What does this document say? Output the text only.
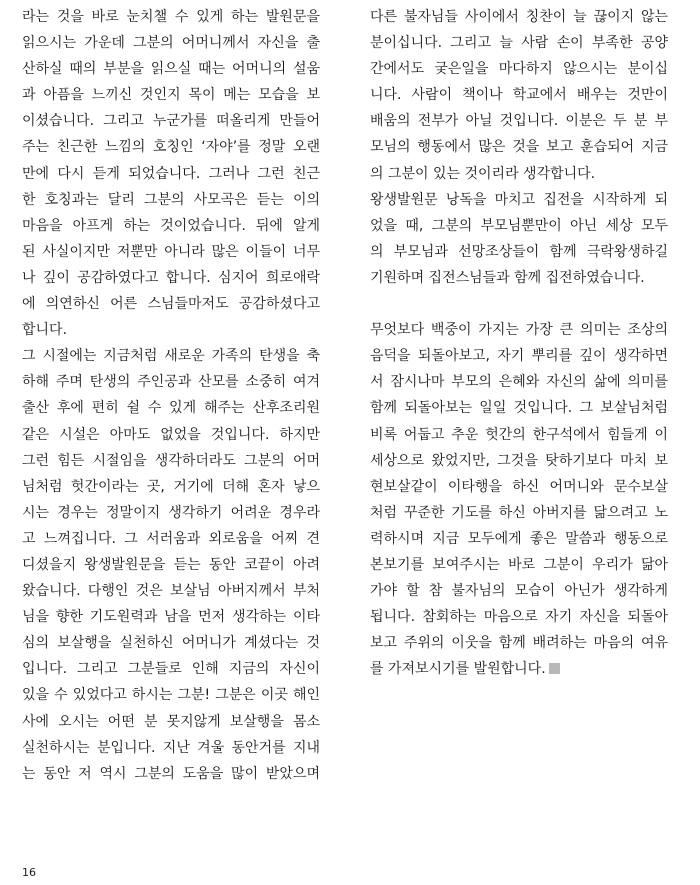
라는 것을 바로 눈치챌 수 있게 하는 발원문을
읽으시는 가운데 그분의 어머니께서 자신을 출
산하실 때의 부분을 읽으실 때는 어머니의 설움
과 아픔을 느끼신 것인지 목이 메는 모습을 보
이셨습니다. 그리고 누군가를 떠올리게 만들어
주는 친근한 느낌의 호칭인 ‘자야’를 정말 오랜
만에 다시 듣게 되었습니다. 그러나 그런 친근
한 호칭과는 달리 그분의 사모곡은 듣는 이의
마음을 아프게 하는 것이었습니다. 뒤에 알게
된 사실이지만 저뿐만 아니라 많은 이들이 너무
나 깊이 공감하였다고 합니다. 심지어 희로애락
에 의연하신 어른 스님들마저도 공감하셨다고
합니다.
그 시절에는 지금처럼 새로운 가족의 탄생을 축
하해 주며 탄생의 주인공과 산모를 소중히 여겨
출산 후에 편히 쉴 수 있게 해주는 산후조리원
같은 시설은 아마도 없었을 것입니다. 하지만
그런 힘든 시절임을 생각하더라도 그분의 어머
님처럼 헛간이라는 곳, 거기에 더해 혼자 낳으
시는 경우는 정말이지 생각하기 어려운 경우라
고 느껴집니다. 그 서러움과 외로움을 어찌 견
디셨을지 왕생발원문을 듣는 동안 코끝이 아려
왔습니다. 다행인 것은 보살님 아버지께서 부처
님을 향한 기도원력과 남을 먼저 생각하는 이타
심의 보살행을 실천하신 어머니가 계셨다는 것
입니다. 그리고 그분들로 인해 지금의 자신이
있을 수 있었다고 하시는 그분! 그분은 이곳 해인
사에 오시는 어떤 분 못지않게 보살행을 몸소
실천하시는 분입니다. 지난 겨울 동안거를 지내
는 동안 저 역시 그분의 도움을 많이 받았으며
다른 불자님들 사이에서 칭찬이 늘 끊이지 않는
분이십니다. 그리고 늘 사람 손이 부족한 공양
간에서도 궂은일을 마다하지 않으시는 분이십
니다. 사람이 책이나 학교에서 배우는 것만이
배움의 전부가 아닐 것입니다. 이분은 두 분 부
모님의 행동에서 많은 것을 보고 훈습되어 지금
의 그분이 있는 것이리라 생각합니다.
왕생발원문 낭독을 마치고 집전을 시작하게 되
었을 때, 그분의 부모님뿐만이 아닌 세상 모두
의 부모님과 선망조상들이 함께 극락왕생하길
기원하며 집전스님들과 함께 집전하였습니다.
무엇보다 백중이 가지는 가장 큰 의미는 조상의
음덕을 되돌아보고, 자기 뿌리를 깊이 생각하면
서 잠시나마 부모의 은혜와 자신의 삶에 의미를
함께 되돌아보는 일일 것입니다. 그 보살님처럼
비록 어둡고 추운 헛간의 한구석에서 힘들게 이
세상으로 왔었지만, 그것을 탓하기보다 마치 보
현보살같이 이타행을 하신 어머니와 문수보살
처럼 꾸준한 기도를 하신 아버지를 닮으려고 노
력하시며 지금 모두에게 좋은 말씀과 행동으로
본보기를 보여주시는 바로 그분이 우리가 닮아
가야 할 참 불자님의 모습이 아닌가 생각하게
됩니다. 참회하는 마음으로 자기 자신을 되돌아
보고 주위의 이웃을 함께 배려하는 마음의 여유
를 가져보시기를 발원합니다.
16
